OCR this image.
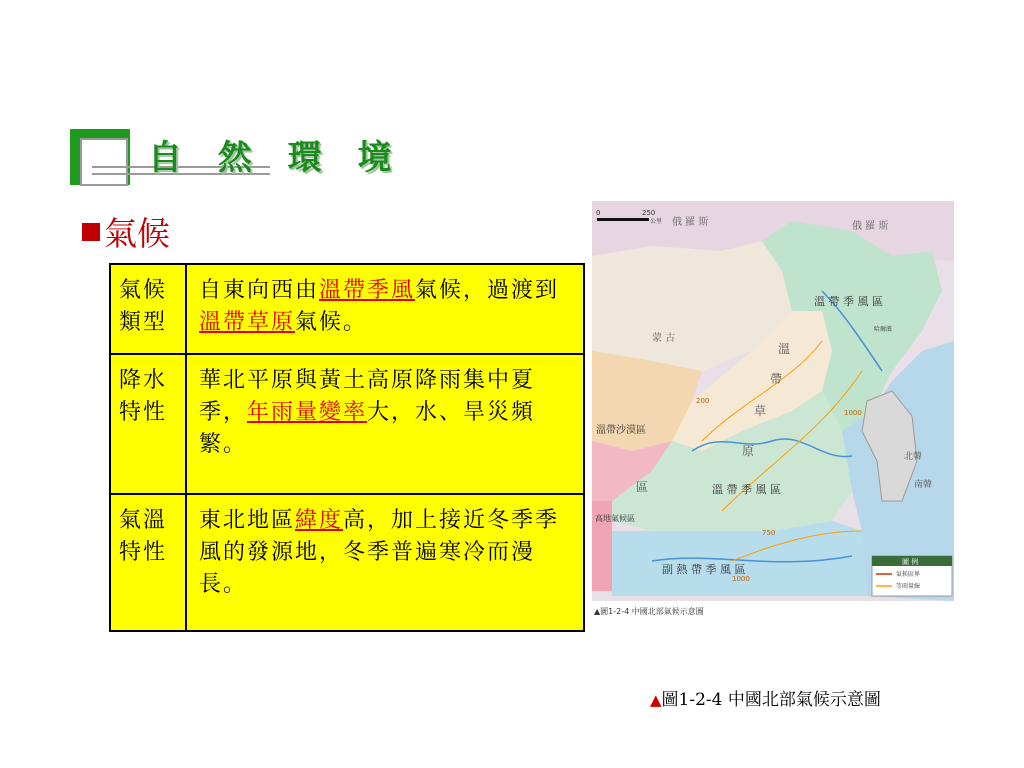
自 然 環 境
氣候
氣候類型	自東向西由溫帶季風氣候，過渡到溫帶草原氣候。
降水特性	華北平原與黃土高原降雨集中夏季，年雨量變率大，水、旱災頻繁。
氣溫特性	東北地區緯度高，加上接近冬季季風的發源地，冬季普遍寒冷而漫長。
0	250
公里 俄 羅 斯	俄 羅 斯
蒙 古
溫 帶 季 風 區
哈爾濱
溫
帶
草
原
區
溫帶沙漠區
溫 帶 季 風 區
高地氣候區
副 熱 帶 季 風 區
北韓
南韓
200
1000
750
1000
圖 例
氣候區界
等雨量線
▲圖1-2-4 中國北部氣候示意圖
▲圖1-2-4 中國北部氣候示意圖
